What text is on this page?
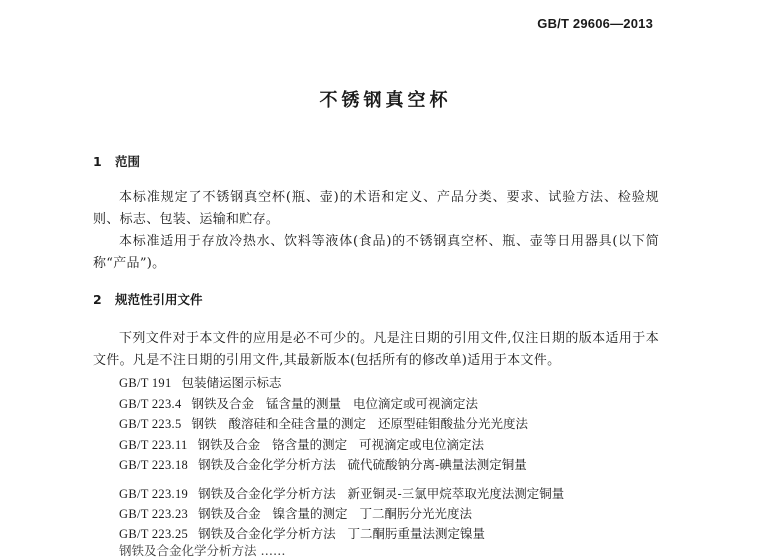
GB/T 29606—2013
不锈钢真空杯
1 范围
本标准规定了不锈钢真空杯(瓶、壶)的术语和定义、产品分类、要求、试验方法、检验规则、标志、包装、运输和贮存。
本标准适用于存放冷热水、饮料等液体(食品)的不锈钢真空杯、瓶、壶等日用器具(以下简称“产品”)。
2 规范性引用文件
下列文件对于本文件的应用是必不可少的。凡是注日期的引用文件,仅注日期的版本适用于本文件。凡是不注日期的引用文件,其最新版本(包括所有的修改单)适用于本文件。
GB/T 191 包装储运图示标志
GB/T 223.4 钢铁及合金 锰含量的测量 电位滴定或可视滴定法
GB/T 223.5 钢铁 酸溶硅和全硅含量的测定 还原型硅钼酸盐分光光度法
GB/T 223.11 钢铁及合金 铬含量的测定 可视滴定或电位滴定法
GB/T 223.18 钢铁及合金化学分析方法 硫代硫酸钠分离-碘量法测定铜量
GB/T 223.19 钢铁及合金化学分析方法 新亚铜灵-三氯甲烷萃取光度法测定铜量
GB/T 223.23 钢铁及合金 镍含量的测定 丁二酮肟分光光度法
GB/T 223.25 钢铁及合金化学分析方法 丁二酮肟重量法测定镍量
钢铁及合金化学分析方法 ……
